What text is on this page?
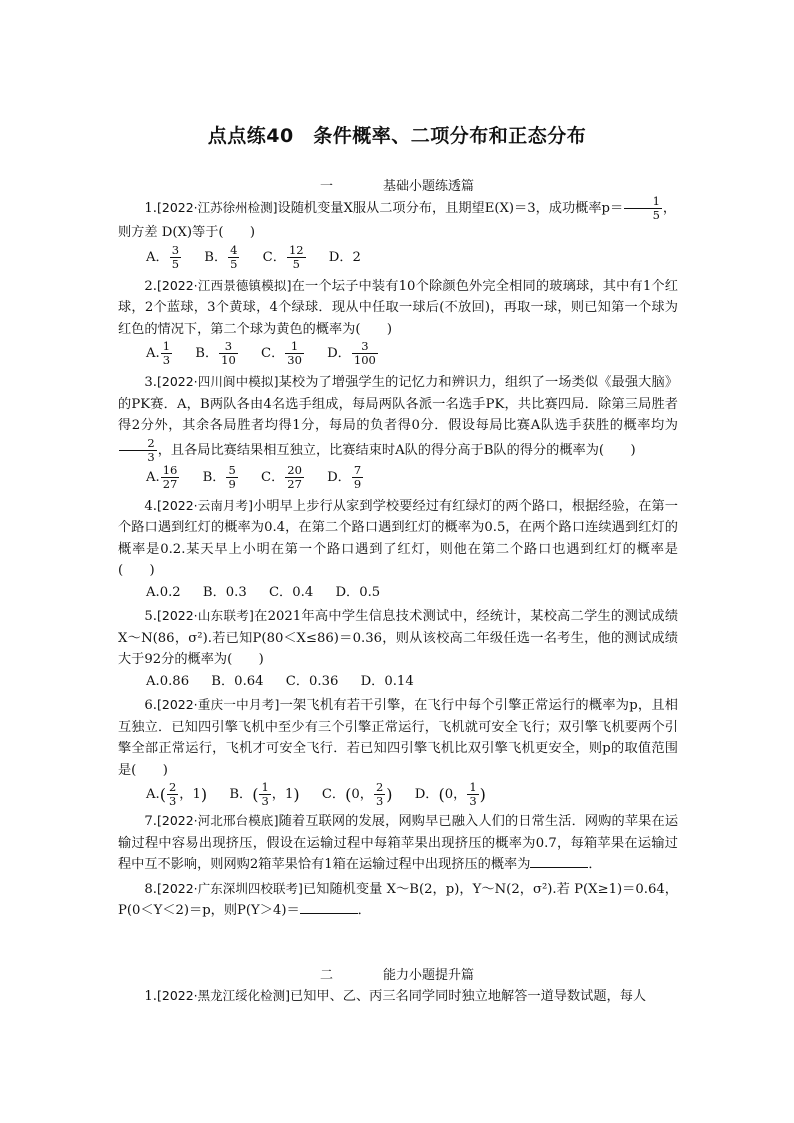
点点练40　条件概率、二项分布和正态分布
一	基础小题练透篇
1.[2022·江苏徐州检测]设随机变量X服从二项分布，且期望E(X)＝3，成功概率$p= \frac{1}{5}$ ，
则方差 D(X)等于(　　)
A． $\frac{3}{5}$ B． $\frac{4}{5}$ C． $\frac{12}{5}$ D．2
2.[2022·江西景德镇模拟]在一个坛子中装有10个除颜色外完全相同的玻璃球，其中有1个红球，2个蓝球，3个黄球，4个绿球．现从中任取一球后(不放回)，再取一球，则已知第一个球为红色的情况下，第二个球为黄色的概率为(　　)
A. $\frac{1}{3}$ B． $\frac{3}{10}$ C． $\frac{1}{30}$ D． $\frac{3}{100}$
3.[2022·四川阆中模拟]某校为了增强学生的记忆力和辨识力，组织了一场类似《最强大脑》的PK赛．A，B两队各由4名选手组成，每局两队各派一名选手PK，共比赛四局．除第三局胜者得2分外，其余各局胜者均得1分，每局的负者得0分．假设每局比赛A队选手获胜的概率均为
$\frac{2}{3}$ ，且各局比赛结果相互独立，比赛结束时A队的得分高于B队的得分的概率为(　　)
A. $\frac{16}{27}$ B． $\frac{5}{9}$ C． $\frac{20}{27}$ D． $\frac{7}{9}$
4.[2022·云南月考]小明早上步行从家到学校要经过有红绿灯的两个路口，根据经验，在第一个路口遇到红灯的概率为0.4，在第二个路口遇到红灯的概率为0.5，在两个路口连续遇到红灯的概率是0.2.某天早上小明在第一个路口遇到了红灯，则他在第二个路口也遇到红灯的概率是(　　)
A.0.2 B．0.3 C．0.4 D．0.5
5.[2022·山东联考]在2021年高中学生信息技术测试中，经统计，某校高二学生的测试成绩 X～N(86，σ²).若已知P(80＜X≤86)＝0.36，则从该校高二年级任选一名考生，他的测试成绩大于92分的概率为(　　)
A.0.86 B．0.64 C．0.36 D．0.14
6.[2022·重庆一中月考]一架飞机有若干引擎，在飞行中每个引擎正常运行的概率为p，且相互独立．已知四引擎飞机中至少有三个引擎正常运行，飞机就可安全飞行；双引擎飞机要两个引擎全部正常运行，飞机才可安全飞行．若已知四引擎飞机比双引擎飞机更安全，则p的取值范围是(　　)
$A.( \frac{2}{3}$ ，1) B．( $\frac{1}{3}$ ，1) C．(0， $\frac{2}{3}$ ) D．(0， $\frac{1}{3}$ )
7.[2022·河北邢台模底]随着互联网的发展，网购早已融入人们的日常生活．网购的苹果在运输过程中容易出现挤压，假设在运输过程中每箱苹果出现挤压的概率为0.7，每箱苹果在运输过程中互不影响，则网购2箱苹果恰有1箱在运输过程中出现挤压的概率为	．
8.[2022·广东深圳四校联考]已知随机变量 X～B(2，p)，Y～N(2，σ²).若 P(X≥1)＝0.64，P(0＜Y＜2)＝p，则P(Y＞4)＝	．
二	能力小题提升篇
1.[2022·黑龙江绥化检测]已知甲、乙、丙三名同学同时独立地解答一道导数试题，每人
